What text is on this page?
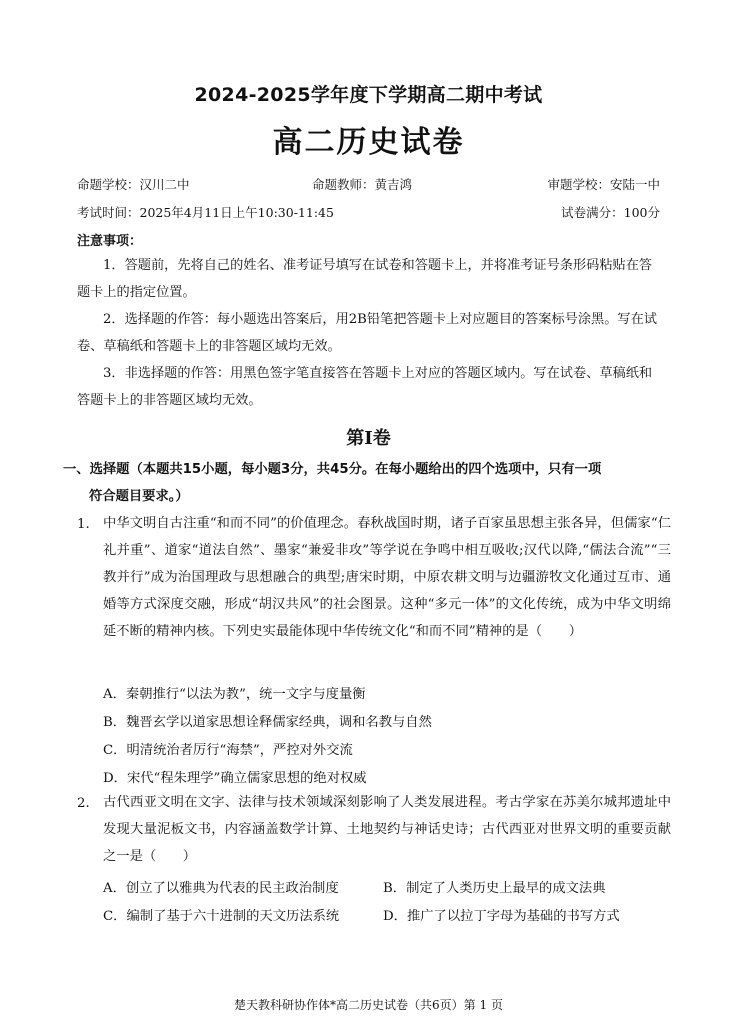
2024-2025学年度下学期高二期中考试
高二历史试卷
命题学校：汉川二中	命题教师：黄吉鸿	审题学校：安陆一中
考试时间：2025年4月11日上午10:30-11:45	试卷满分：100分
注意事项：

1．答题前，先将自己的姓名、准考证号填写在试卷和答题卡上，并将准考证号条形码粘贴在答题卡上的指定位置。

2．选择题的作答：每小题选出答案后，用2B铅笔把答题卡上对应题目的答案标号涂黑。写在试卷、草稿纸和答题卡上的非答题区域均无效。

3．非选择题的作答：用黑色签字笔直接答在答题卡上对应的答题区域内。写在试卷、草稿纸和答题卡上的非答题区域均无效。

第Ⅰ卷
一、选择题（本题共15小题，每小题3分，共45分。在每小题给出的四个选项中，只有一项
符合题目要求。）
1. 中华文明自古注重“和而不同”的价值理念。春秋战国时期，诸子百家虽思想主张各异，但儒家“仁礼并重”、道家“道法自然”、墨家“兼爱非攻”等学说在争鸣中相互吸收;汉代以降,“儒法合流”“三教并行”成为治国理政与思想融合的典型;唐宋时期，中原农耕文明与边疆游牧文化通过互市、通婚等方式深度交融，形成“胡汉共风”的社会图景。这种“多元一体”的文化传统，成为中华文明绵延不断的精神内核。下列史实最能体现中华传统文化“和而不同”精神的是（　　）
A．秦朝推行“以法为教”，统一文字与度量衡
B．魏晋玄学以道家思想诠释儒家经典，调和名教与自然
C．明清统治者厉行“海禁”，严控对外交流
D．宋代“程朱理学”确立儒家思想的绝对权威
2. 古代西亚文明在文字、法律与技术领域深刻影响了人类发展进程。考古学家在苏美尔城邦遗址中发现大量泥板文书，内容涵盖数学计算、土地契约与神话史诗；古代西亚对世界文明的重要贡献之一是（　　）
A．创立了以雅典为代表的民主政治制度	B．制定了人类历史上最早的成文法典
C．编制了基于六十进制的天文历法系统	D．推广了以拉丁字母为基础的书写方式
楚天教科研协作体*高二历史试卷（共6页）第 1 页
